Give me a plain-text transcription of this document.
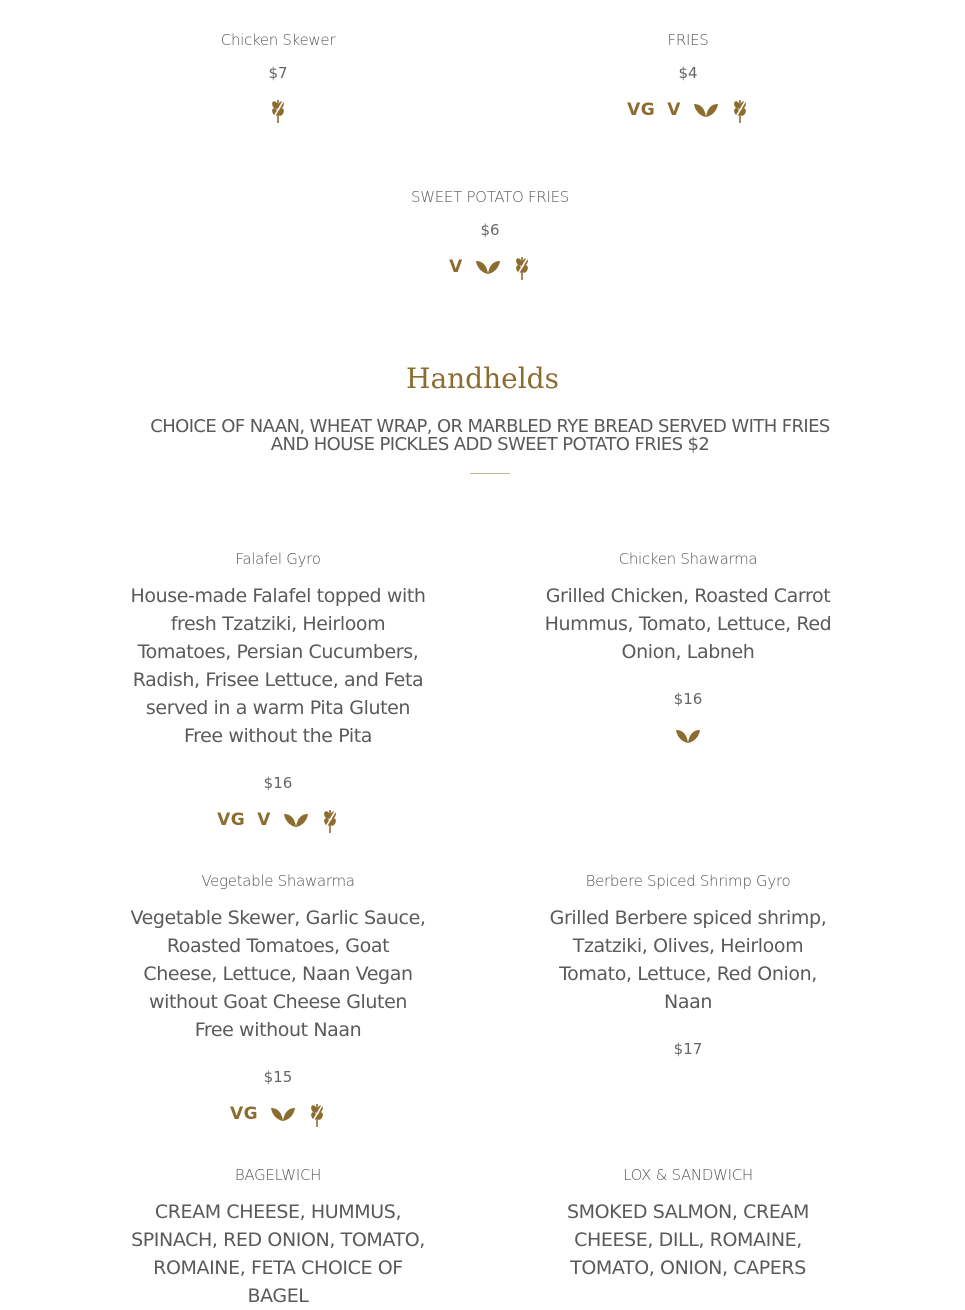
Chicken Skewer
$7
FRIES
$4
VG V
SWEET POTATO FRIES
$6
V
Handhelds
CHOICE OF NAAN, WHEAT WRAP, OR MARBLED RYE BREAD SERVED WITH FRIES AND HOUSE PICKLES ADD SWEET POTATO FRIES $2
Falafel Gyro
House-made Falafel topped with fresh Tzatziki, Heirloom Tomatoes, Persian Cucumbers, Radish, Frisee Lettuce, and Feta served in a warm Pita Gluten Free without the Pita
$16
VG V
Chicken Shawarma
Grilled Chicken, Roasted Carrot Hummus, Tomato, Lettuce, Red Onion, Labneh
$16
Vegetable Shawarma
Vegetable Skewer, Garlic Sauce, Roasted Tomatoes, Goat Cheese, Lettuce, Naan Vegan without Goat Cheese Gluten Free without Naan
$15
VG
Berbere Spiced Shrimp Gyro
Grilled Berbere spiced shrimp, Tzatziki, Olives, Heirloom Tomato, Lettuce, Red Onion, Naan
$17
BAGELWICH
CREAM CHEESE, HUMMUS, SPINACH, RED ONION, TOMATO, ROMAINE, FETA CHOICE OF BAGEL
LOX & SANDWICH
SMOKED SALMON, CREAM CHEESE, DILL, ROMAINE, TOMATO, ONION, CAPERS
